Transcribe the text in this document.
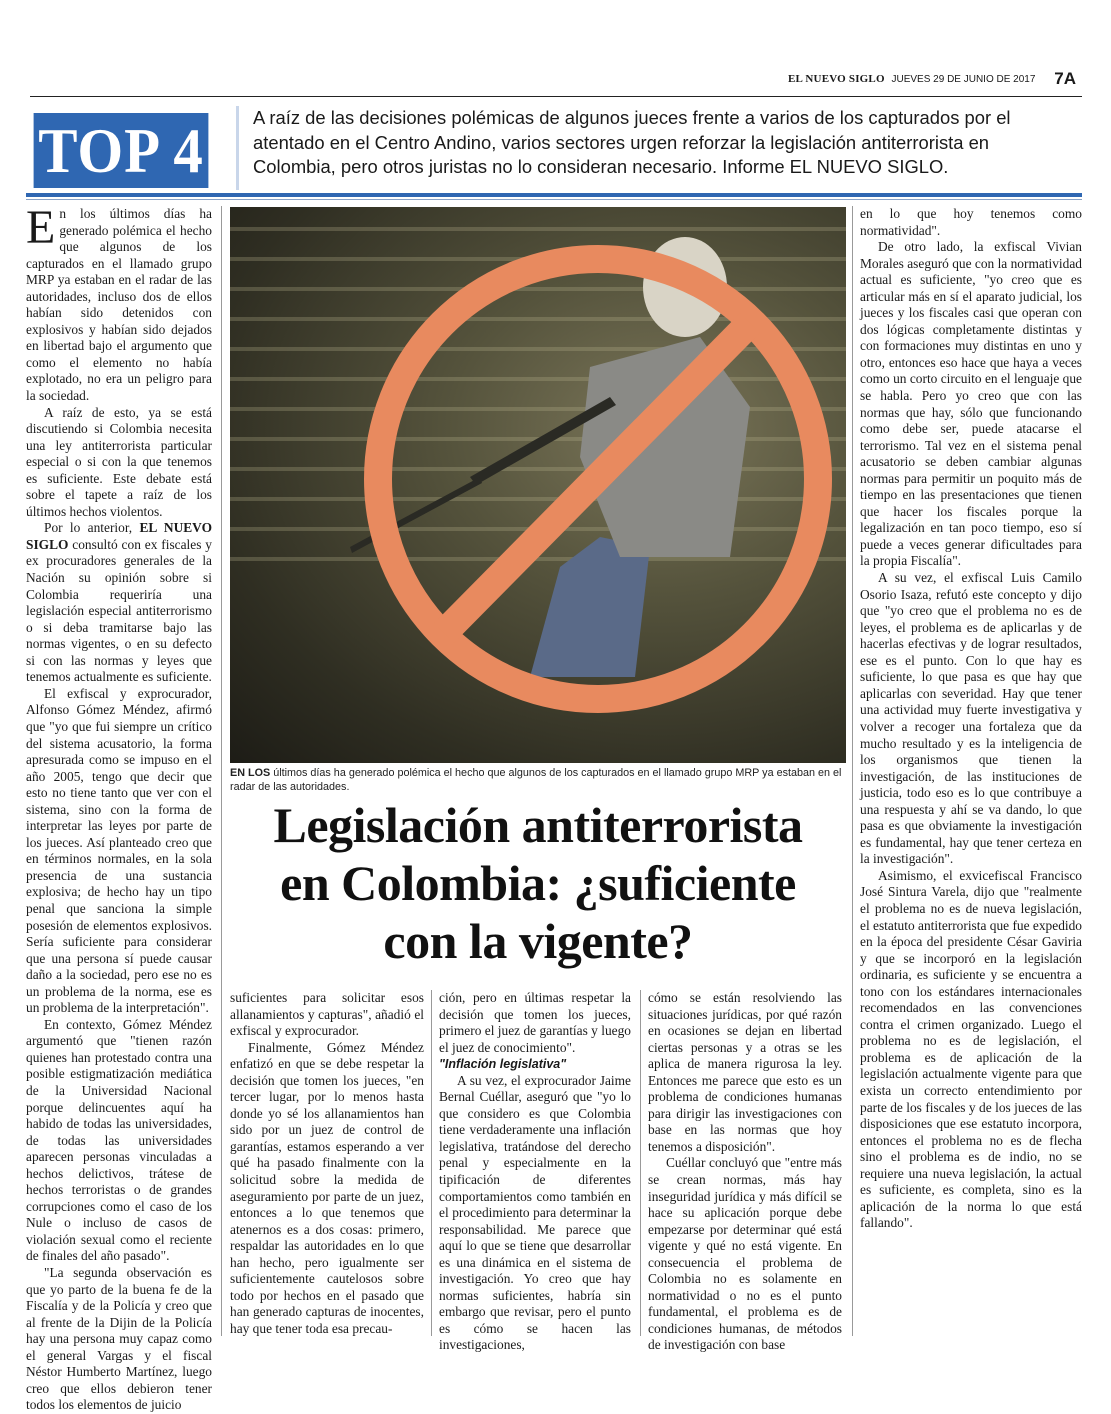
EL NUEVO SIGLO JUEVES 29 DE JUNIO DE 2017 7A
TOP 4	A raíz de las decisiones polémicas de algunos jueces frente a varios de los capturados por el atentado en el Centro Andino, varios sectores urgen reforzar la legislación antiterrorista en Colombia, pero otros juristas no lo consideran necesario. Informe EL NUEVO SIGLO.

En los últimos días ha generado polémica el hecho que algunos de los capturados en el llamado grupo MRP ya estaban en el radar de las autoridades, incluso dos de ellos habían sido detenidos con explosivos y habían sido dejados en libertad bajo el argumento que como el elemento no había explotado, no era un peligro para la sociedad.

A raíz de esto, ya se está discutiendo si Colombia necesita una ley antiterrorista particular especial o si con la que tenemos es suficiente. Este debate está sobre el tapete a raíz de los últimos hechos violentos.

Por lo anterior, EL NUEVO SIGLO consultó con ex fiscales y ex procuradores generales de la Nación su opinión sobre si Colombia requeriría una legislación especial antiterrorismo o si deba tramitarse bajo las normas vigentes, o en su defecto si con las normas y leyes que tenemos actualmente es suficiente.

El exfiscal y exprocurador, Alfonso Gómez Méndez, afirmó que "yo que fui siempre un crítico del sistema acusatorio, la forma apresurada como se impuso en el año 2005, tengo que decir que esto no tiene tanto que ver con el sistema, sino con la forma de interpretar las leyes por parte de los jueces. Así planteado creo que en términos normales, en la sola presencia de una sustancia explosiva; de hecho hay un tipo penal que sanciona la simple posesión de elementos explosivos. Sería suficiente para considerar que una persona sí puede causar daño a la sociedad, pero ese no es un problema de la norma, ese es un problema de la interpretación".

En contexto, Gómez Méndez argumentó que "tienen razón quienes han protestado contra una posible estigmatización mediática de la Universidad Nacional porque delincuentes aquí ha habido de todas las universidades, de todas las universidades aparecen personas vinculadas a hechos delictivos, trátese de hechos terroristas o de grandes corrupciones como el caso de los Nule o incluso de casos de violación sexual como el reciente de finales del año pasado".

"La segunda observación es que yo parto de la buena fe de la Fiscalía y de la Policía y creo que al frente de la Dijin de la Policía hay una persona muy capaz como el general Vargas y el fiscal Néstor Humberto Martínez, luego creo que ellos debieron tener todos los elementos de juicio

EN LOS últimos días ha generado polémica el hecho que algunos de los capturados en el llamado grupo MRP ya estaban en el radar de las autoridades.
Legislación antiterrorista
en Colombia: ¿suficiente
con la vigente?

suficientes para solicitar esos allanamientos y capturas", añadió el exfiscal y exprocurador.

Finalmente, Gómez Méndez enfatizó en que se debe respetar la decisión que tomen los jueces, "en tercer lugar, por lo menos hasta donde yo sé los allanamientos han sido por un juez de control de garantías, estamos esperando a ver qué ha pasado finalmente con la solicitud sobre la medida de aseguramiento por parte de un juez, entonces a lo que tenemos que atenernos es a dos cosas: primero, respaldar las autoridades en lo que han hecho, pero igualmente ser suficientemente cautelosos sobre todo por hechos en el pasado que han generado capturas de inocentes, hay que tener toda esa precau-

ción, pero en últimas respetar la decisión que tomen los jueces, primero el juez de garantías y luego el juez de conocimiento".

"Inflación legislativa"

A su vez, el exprocurador Jaime Bernal Cuéllar, aseguró que "yo lo que considero es que Colombia tiene verdaderamente una inflación legislativa, tratándose del derecho penal y especialmente en la tipificación de diferentes comportamientos como también en el procedimiento para determinar la responsabilidad. Me parece que aquí lo que se tiene que desarrollar es una dinámica en el sistema de investigación. Yo creo que hay normas suficientes, habría sin embargo que revisar, pero el punto es cómo se hacen las investigaciones,

cómo se están resolviendo las situaciones jurídicas, por qué razón en ocasiones se dejan en libertad ciertas personas y a otras se les aplica de manera rigurosa la ley. Entonces me parece que esto es un problema de condiciones humanas para dirigir las investigaciones con base en las normas que hoy tenemos a disposición".

Cuéllar concluyó que "entre más se crean normas, más hay inseguridad jurídica y más difícil se hace su aplicación porque debe empezarse por determinar qué está vigente y qué no está vigente. En consecuencia el problema de Colombia no es solamente en normatividad o no es el punto fundamental, el problema es de condiciones humanas, de métodos de investigación con base

en lo que hoy tenemos como normatividad".

De otro lado, la exfiscal Vivian Morales aseguró que con la normatividad actual es suficiente, "yo creo que es articular más en sí el aparato judicial, los jueces y los fiscales casi que operan con dos lógicas completamente distintas y con formaciones muy distintas en uno y otro, entonces eso hace que haya a veces como un corto circuito en el lenguaje que se habla. Pero yo creo que con las normas que hay, sólo que funcionando como debe ser, puede atacarse el terrorismo. Tal vez en el sistema penal acusatorio se deben cambiar algunas normas para permitir un poquito más de tiempo en las presentaciones que tienen que hacer los fiscales porque la legalización en tan poco tiempo, eso sí puede a veces generar dificultades para la propia Fiscalía".

A su vez, el exfiscal Luis Camilo Osorio Isaza, refutó este concepto y dijo que "yo creo que el problema no es de leyes, el problema es de aplicarlas y de hacerlas efectivas y de lograr resultados, ese es el punto. Con lo que hay es suficiente, lo que pasa es que hay que aplicarlas con severidad. Hay que tener una actividad muy fuerte investigativa y volver a recoger una fortaleza que da mucho resultado y es la inteligencia de los organismos que tienen la investigación, de las instituciones de justicia, todo eso es lo que contribuye a una respuesta y ahí se va dando, lo que pasa es que obviamente la investigación es fundamental, hay que tener certeza en la investigación".

Asimismo, el exvicefiscal Francisco José Sintura Varela, dijo que "realmente el problema no es de nueva legislación, el estatuto antiterrorista que fue expedido en la época del presidente César Gaviria y que se incorporó en la legislación ordinaria, es suficiente y se encuentra a tono con los estándares internacionales recomendados en las convenciones contra el crimen organizado. Luego el problema no es de legislación, el problema es de aplicación de la legislación actualmente vigente para que exista un correcto entendimiento por parte de los fiscales y de los jueces de las disposiciones que ese estatuto incorpora, entonces el problema no es de flecha sino el problema es de indio, no se requiere una nueva legislación, la actual es suficiente, es completa, sino es la aplicación de la norma lo que está fallando".
